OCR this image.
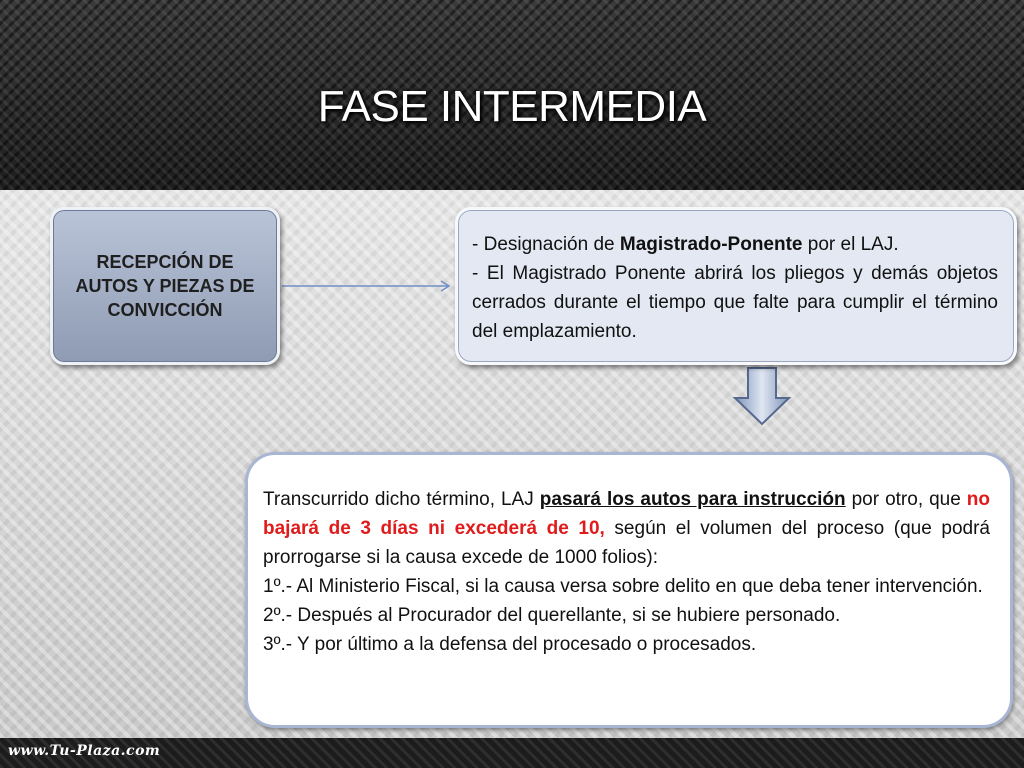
FASE INTERMEDIA
RECEPCIÓN DE AUTOS Y PIEZAS DE CONVICCIÓN

- Designación de Magistrado-Ponente por el LAJ.

- El Magistrado Ponente abrirá los pliegos y demás objetos cerrados durante el tiempo que falte para cumplir el término del emplazamiento.

Transcurrido dicho término, LAJ pasará los autos para instrucción por otro, que no bajará de 3 días ni excederá de 10, según el volumen del proceso (que podrá prorrogarse si la causa excede de 1000 folios):

1º.- Al Ministerio Fiscal, si la causa versa sobre delito en que deba tener intervención.

2º.- Después al Procurador del querellante, si se hubiere personado.

3º.- Y por último a la defensa del procesado o procesados.

www.Tu-Plaza.com
